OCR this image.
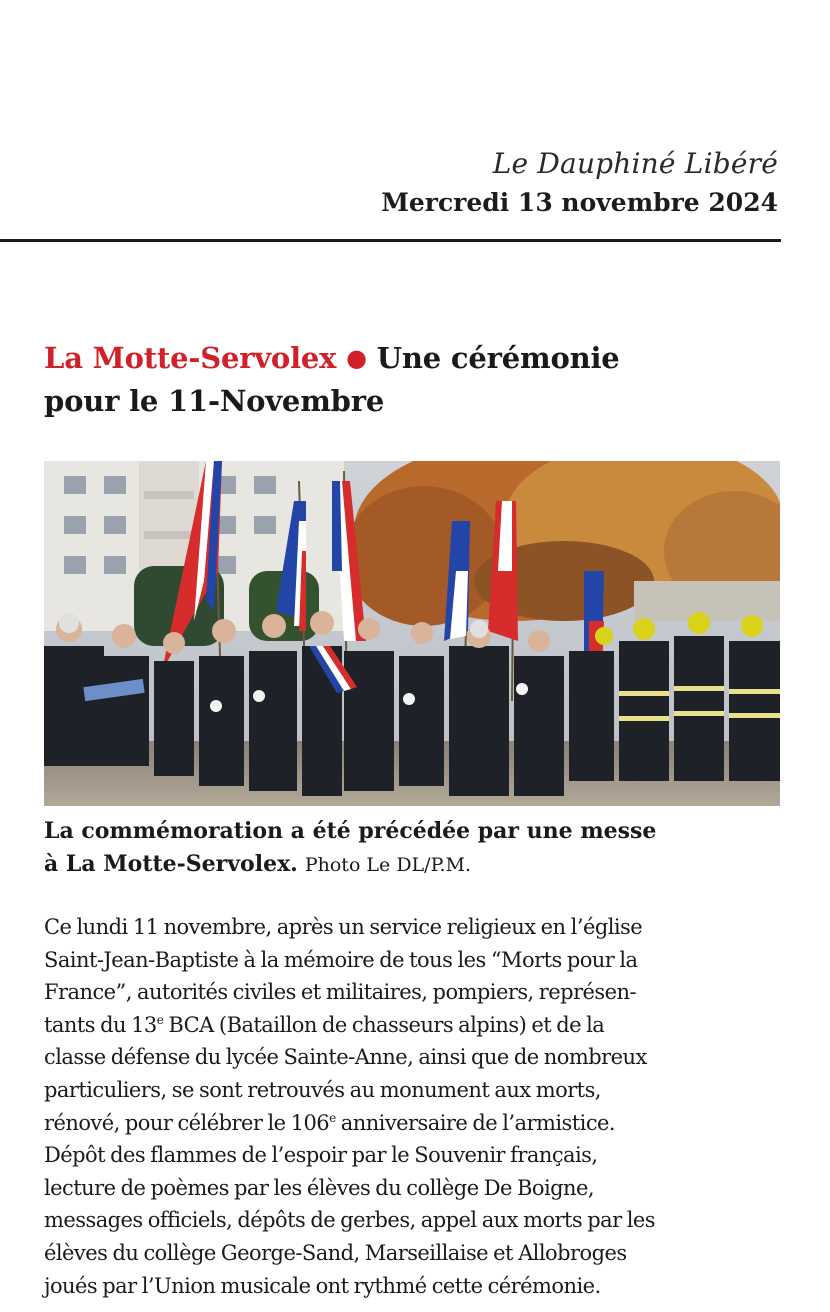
Le Dauphiné Libéré
Mercredi 13 novembre 2024
La Motte-Servolex ● Une cérémonie
pour le 11-Novembre
La commémoration a été précédée par une messe
à La Motte-Servolex. Photo Le DL/P.M.
Ce lundi 11 novembre, après un service religieux en l’église
Saint-Jean-Baptiste à la mémoire de tous les “Morts pour la
France”, autorités civiles et militaires, pompiers, représen-
tants du 13e BCA (Bataillon de chasseurs alpins) et de la
classe défense du lycée Sainte-Anne, ainsi que de nombreux
particuliers, se sont retrouvés au monument aux morts,
rénové, pour célébrer le 106e anniversaire de l’armistice.
Dépôt des flammes de l’espoir par le Souvenir français,
lecture de poèmes par les élèves du collège De Boigne,
messages officiels, dépôts de gerbes, appel aux morts par les
élèves du collège George-Sand, Marseillaise et Allobroges
joués par l’Union musicale ont rythmé cette cérémonie.
